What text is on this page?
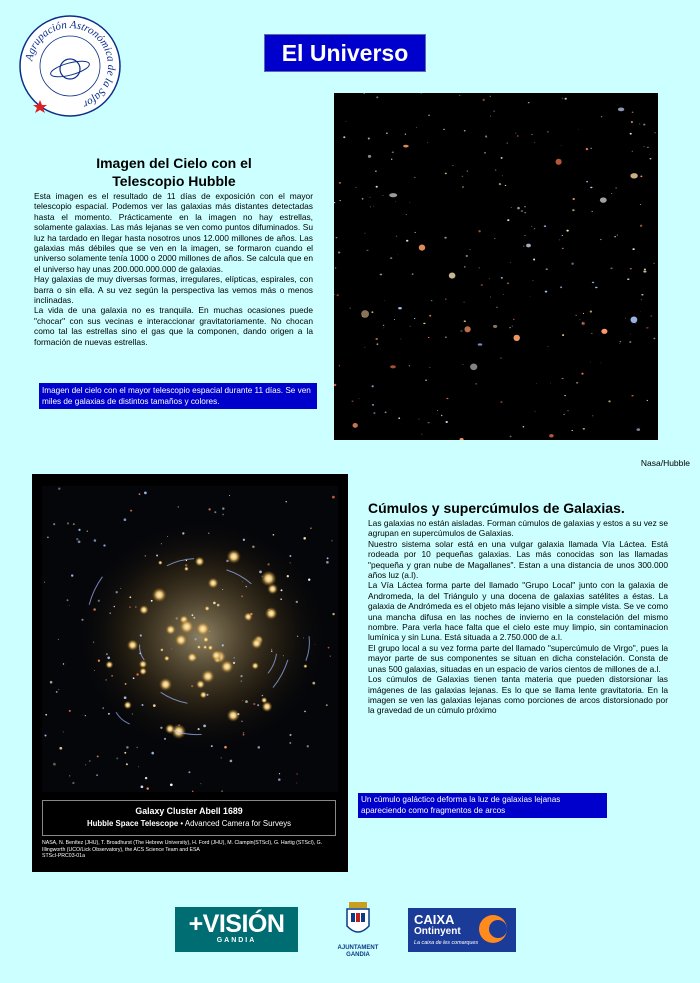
Agrupación Astronómica de la Safor
El Universo
Nasa/Hubble
Imagen del Cielo con el
Telescopio Hubble

Esta imagen es el resultado de 11 días de exposición con el mayor telescopio espacial. Podemos ver las galaxias más distantes detectadas hasta el momento. Prácticamente en la imagen no hay estrellas, solamente galaxias. Las más lejanas se ven como puntos difuminados. Su luz ha tardado en llegar hasta nosotros unos 12.000 millones de años. Las galaxias más débiles que se ven en la imagen, se formaron cuando el universo solamente tenía 1000 o 2000 millones de años. Se calcula que en el universo hay unas 200.000.000.000 de galaxias.

Hay galaxias de muy diversas formas, irregulares, elípticas, espirales, con barra o sin ella. A su vez según la perspectiva las vemos más o menos inclinadas.

La vida de una galaxia no es tranquila. En muchas ocasiones puede "chocar" con sus vecinas e interaccionar gravitatoriamente. No chocan como tal las estrellas sino el gas que la componen, dando origen a la formación de nuevas estrellas.

Imagen del cielo con el mayor telescopio espacial durante 11 días. Se ven miles de galaxias de distintos tamaños y colores.
Galaxy Cluster Abell 1689
Hubble Space Telescope • Advanced Camera for Surveys
NASA, N. Benítez (JHU), T. Broadhurst (The Hebrew University), H. Ford (JHU), M. Clampin(STScI), G. Hartig (STScI), G. Illingworth (UCO/Lick Observatory), the ACS Science Team and ESA
STScI-PRC03-01a
Cúmulos y supercúmulos de Galaxias.

Las galaxias no están aisladas. Forman cúmulos de galaxias y estos a su vez se agrupan en supercúmulos de Galaxias.

Nuestro sistema solar está en una vulgar galaxia llamada Vía Láctea. Está rodeada por 10 pequeñas galaxias. Las más conocidas son las llamadas "pequeña y gran nube de Magallanes". Estan a una distancia de unos 300.000 años luz (a.l).

La Vía Láctea forma parte del llamado "Grupo Local" junto con la galaxia de Andromeda, la del Triángulo y una docena de galaxias satélites a éstas. La galaxia de Andrómeda es el objeto más lejano visible a simple vista. Se ve como una mancha difusa en las noches de invierno en la constelación del mismo nombre. Para verla hace falta que el cielo este muy limpio, sin contaminacion lumínica y sin Luna. Está situada a 2.750.000 de a.l.

El grupo local a su vez forma parte del llamado "supercúmulo de Virgo", pues la mayor parte de sus componentes se situan en dicha constelación. Consta de unas 500 galaxias, situadas en un espacio de varios cientos de millones de a.l.

Los cúmulos de Galaxias tienen tanta materia que pueden distorsionar las imágenes de las galaxias lejanas. Es lo que se llama lente gravitatoria. En la imagen se ven las galaxias lejanas como porciones de arcos distorsionado por la gravedad de un cúmulo próximo

Un cúmulo galáctico deforma la luz de galaxias lejanas apareciendo como fragmentos de arcos
+VISIÓN
GANDIA
AJUNTAMENT
GANDIA
CAIXA
Ontinyent
La caixa de les comarques
